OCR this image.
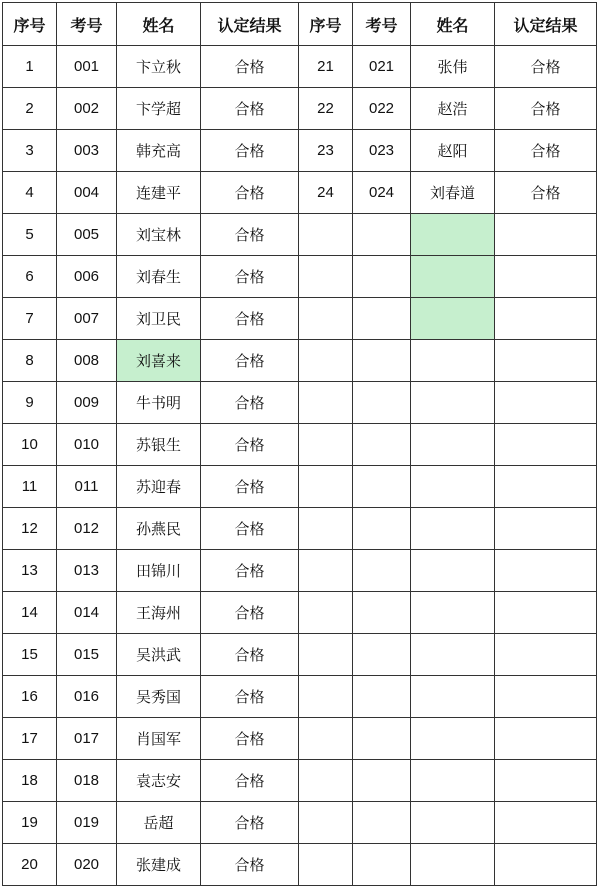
序号	考号	姓名	认定结果	序号	考号	姓名	认定结果
1	001	卞立秋	合格	21	021	张伟	合格
2	002	卞学超	合格	22	022	赵浩	合格
3	003	韩充高	合格	23	023	赵阳	合格
4	004	连建平	合格	24	024	刘春道	合格
5	005	刘宝林	合格				
6	006	刘春生	合格				
7	007	刘卫民	合格				
8	008	刘喜来	合格				
9	009	牛书明	合格				
10	010	苏银生	合格				
11	011	苏迎春	合格				
12	012	孙燕民	合格				
13	013	田锦川	合格				
14	014	王海州	合格				
15	015	吴洪武	合格				
16	016	吴秀国	合格				
17	017	肖国军	合格				
18	018	袁志安	合格				
19	019	岳超	合格				
20	020	张建成	合格				
